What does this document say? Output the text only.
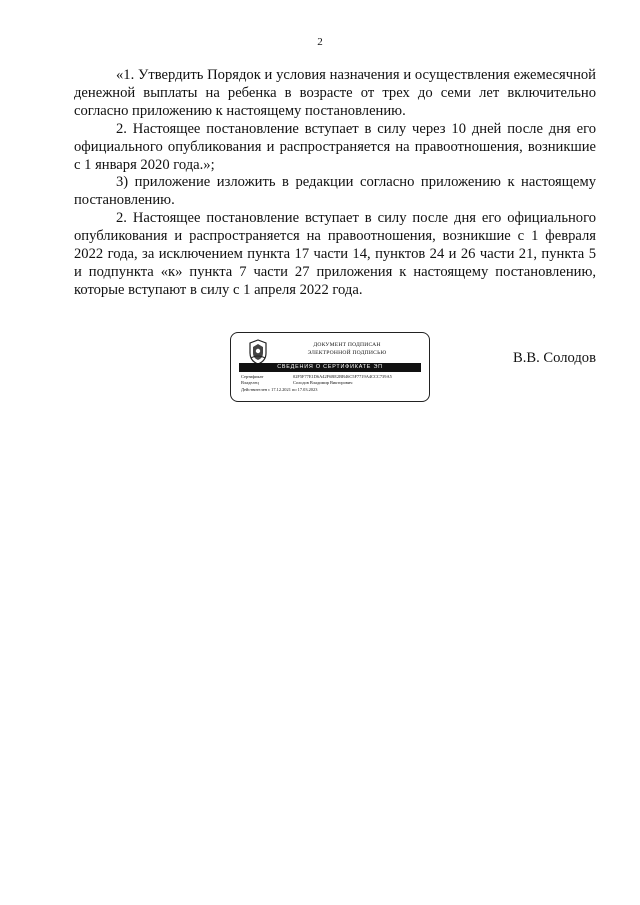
2

«1. Утвердить Порядок и условия назначения и осуществления ежемесячной денежной выплаты на ребенка в возрасте от трех до семи лет включительно согласно приложению к настоящему постановлению.

2. Настоящее постановление вступает в силу через 10 дней после дня его официального опубликования и распространяется на правоотношения, возникшие с 1 января 2020 года.»;

3) приложение изложить в редакции согласно приложению к настоящему постановлению.

2. Настоящее постановление вступает в силу после дня его официального опубликования и распространяется на правоотношения, возникшие с 1 февраля 2022 года, за исключением пункта 17 части 14, пунктов 24 и 26 части 21, пункта 5 и подпункта «к» пункта 7 части 27 приложения к настоящему постановлению, которые вступают в силу с 1 апреля 2022 года.

ДОКУМЕНТ ПОДПИСАН
ЭЛЕКТРОННОЙ ПОДПИСЬЮ
СВЕДЕНИЯ О СЕРТИФИКАТЕ ЭП
Сертификат	02F5F77E1D6A42F6BE2BB46C5F7719A4CCC739A5
Владелец	Солодов Владимир Викторович
Действителен с 17.12.2021 по 17.03.2023
В.В. Солодов
